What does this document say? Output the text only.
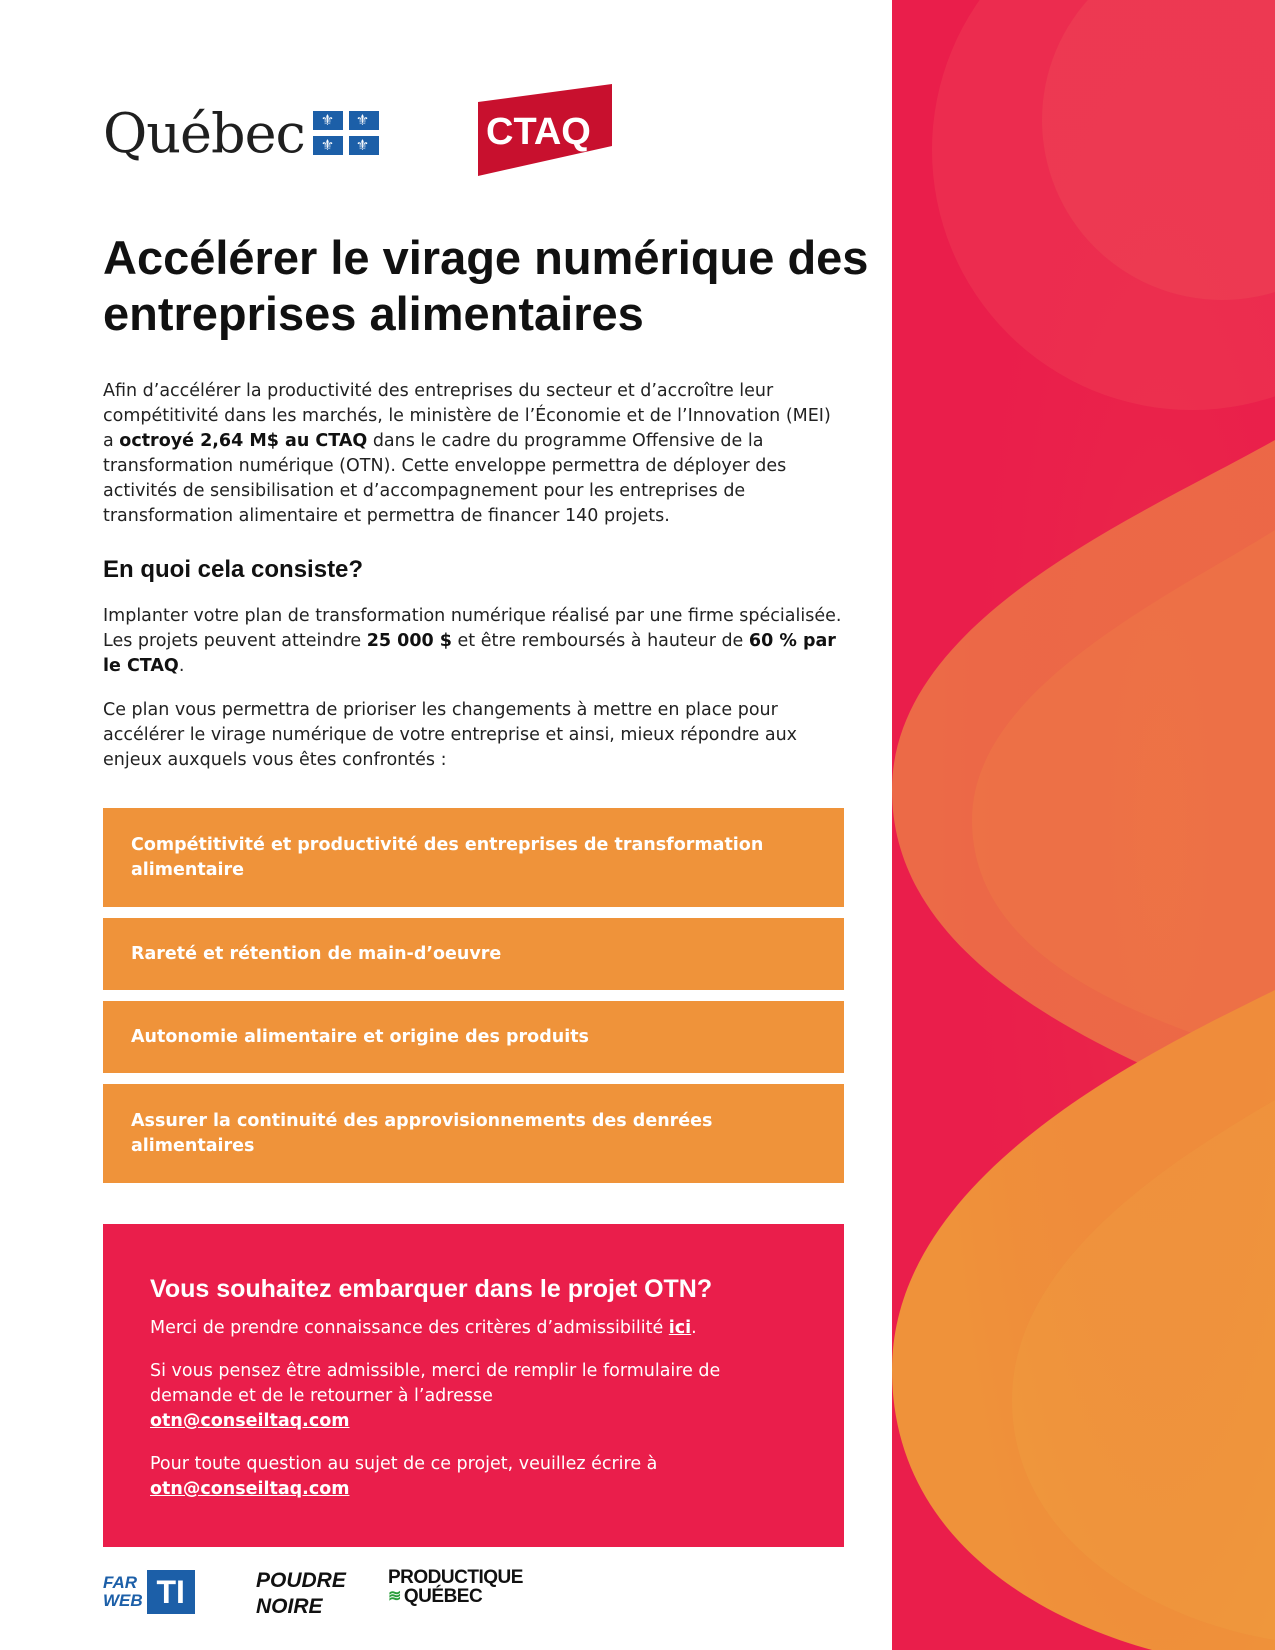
Québec ⚜ ⚜
⚜ ⚜	CTAQ
Accélérer le virage numérique des entreprises alimentaires

Afin d’accélérer la productivité des entreprises du secteur et d’accroître leur compétitivité dans les marchés, le ministère de l’Économie et de l’Innovation (MEI) a octroyé 2,64 M$ au CTAQ dans le cadre du programme Offensive de la transformation numérique (OTN). Cette enveloppe permettra de déployer des activités de sensibilisation et d’accompagnement pour les entreprises de transformation alimentaire et permettra de financer 140 projets.

En quoi cela consiste?

Implanter votre plan de transformation numérique réalisé par une firme spécialisée. Les projets peuvent atteindre 25 000 $ et être remboursés à hauteur de 60 % par le CTAQ.

Ce plan vous permettra de prioriser les changements à mettre en place pour accélérer le virage numérique de votre entreprise et ainsi, mieux répondre aux enjeux auxquels vous êtes confrontés :

Compétitivité et productivité des entreprises de transformation alimentaire
Rareté et rétention de main-d’oeuvre
Autonomie alimentaire et origine des produits
Assurer la continuité des approvisionnements des denrées alimentaires
Vous souhaitez embarquer dans le projet OTN?

Merci de prendre connaissance des critères d’admissibilité ici.

Si vous pensez être admissible, merci de remplir le formulaire de demande et de le retourner à l’adresse
otn@conseiltaq.com

Pour toute question au sujet de ce projet, veuillez écrire à
otn@conseiltaq.com

FAR
WEB TI	POUDRE
NOIRE
PRODUCTIQUE
≋ QUÉBEC
